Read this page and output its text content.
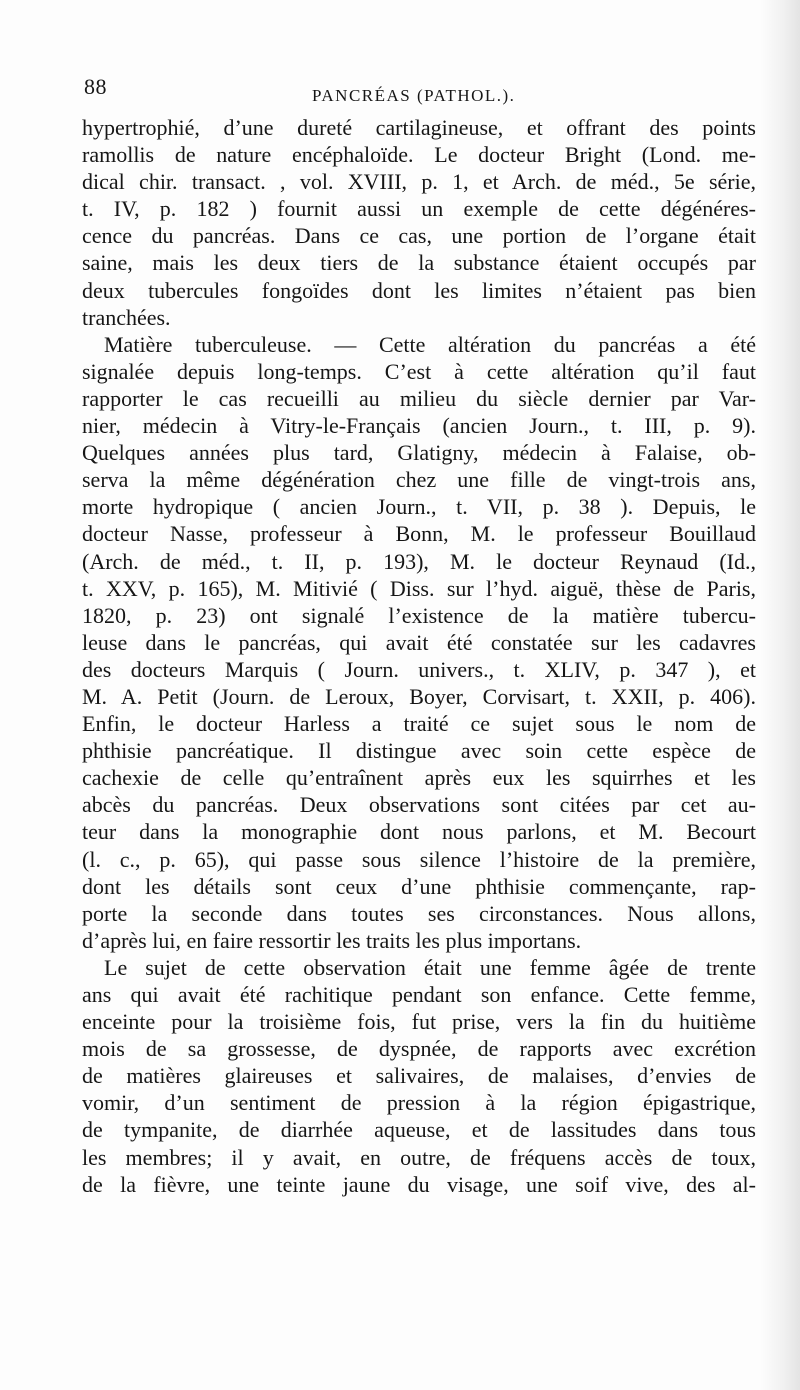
88	PANCRÉAS (PATHOL.).
hypertrophié, d’une dureté cartilagineuse, et offrant des points
ramollis de nature encéphaloïde. Le docteur Bright (Lond. me-
dical chir. transact. , vol. XVIII, p. 1, et Arch. de méd., 5e série,
t. IV, p. 182 ) fournit aussi un exemple de cette dégénéres-
cence du pancréas. Dans ce cas, une portion de l’organe était
saine, mais les deux tiers de la substance étaient occupés par
deux tubercules fongoïdes dont les limites n’étaient pas bien
tranchées.
Matière tuberculeuse. — Cette altération du pancréas a été
signalée depuis long-temps. C’est à cette altération qu’il faut
rapporter le cas recueilli au milieu du siècle dernier par Var-
nier, médecin à Vitry-le-Français (ancien Journ., t. III, p. 9).
Quelques années plus tard, Glatigny, médecin à Falaise, ob-
serva la même dégénération chez une fille de vingt-trois ans,
morte hydropique ( ancien Journ., t. VII, p. 38 ). Depuis, le
docteur Nasse, professeur à Bonn, M. le professeur Bouillaud
(Arch. de méd., t. II, p. 193), M. le docteur Reynaud (Id.,
t. XXV, p. 165), M. Mitivié ( Diss. sur l’hyd. aiguë, thèse de Paris,
1820, p. 23) ont signalé l’existence de la matière tubercu-
leuse dans le pancréas, qui avait été constatée sur les cadavres
des docteurs Marquis ( Journ. univers., t. XLIV, p. 347 ), et
M. A. Petit (Journ. de Leroux, Boyer, Corvisart, t. XXII, p. 406).
Enfin, le docteur Harless a traité ce sujet sous le nom de
phthisie pancréatique. Il distingue avec soin cette espèce de
cachexie de celle qu’entraînent après eux les squirrhes et les
abcès du pancréas. Deux observations sont citées par cet au-
teur dans la monographie dont nous parlons, et M. Becourt
(l. c., p. 65), qui passe sous silence l’histoire de la première,
dont les détails sont ceux d’une phthisie commençante, rap-
porte la seconde dans toutes ses circonstances. Nous allons,
d’après lui, en faire ressortir les traits les plus importans.
Le sujet de cette observation était une femme âgée de trente
ans qui avait été rachitique pendant son enfance. Cette femme,
enceinte pour la troisième fois, fut prise, vers la fin du huitième
mois de sa grossesse, de dyspnée, de rapports avec excrétion
de matières glaireuses et salivaires, de malaises, d’envies de
vomir, d’un sentiment de pression à la région épigastrique,
de tympanite, de diarrhée aqueuse, et de lassitudes dans tous
les membres; il y avait, en outre, de fréquens accès de toux,
de la fièvre, une teinte jaune du visage, une soif vive, des al-
